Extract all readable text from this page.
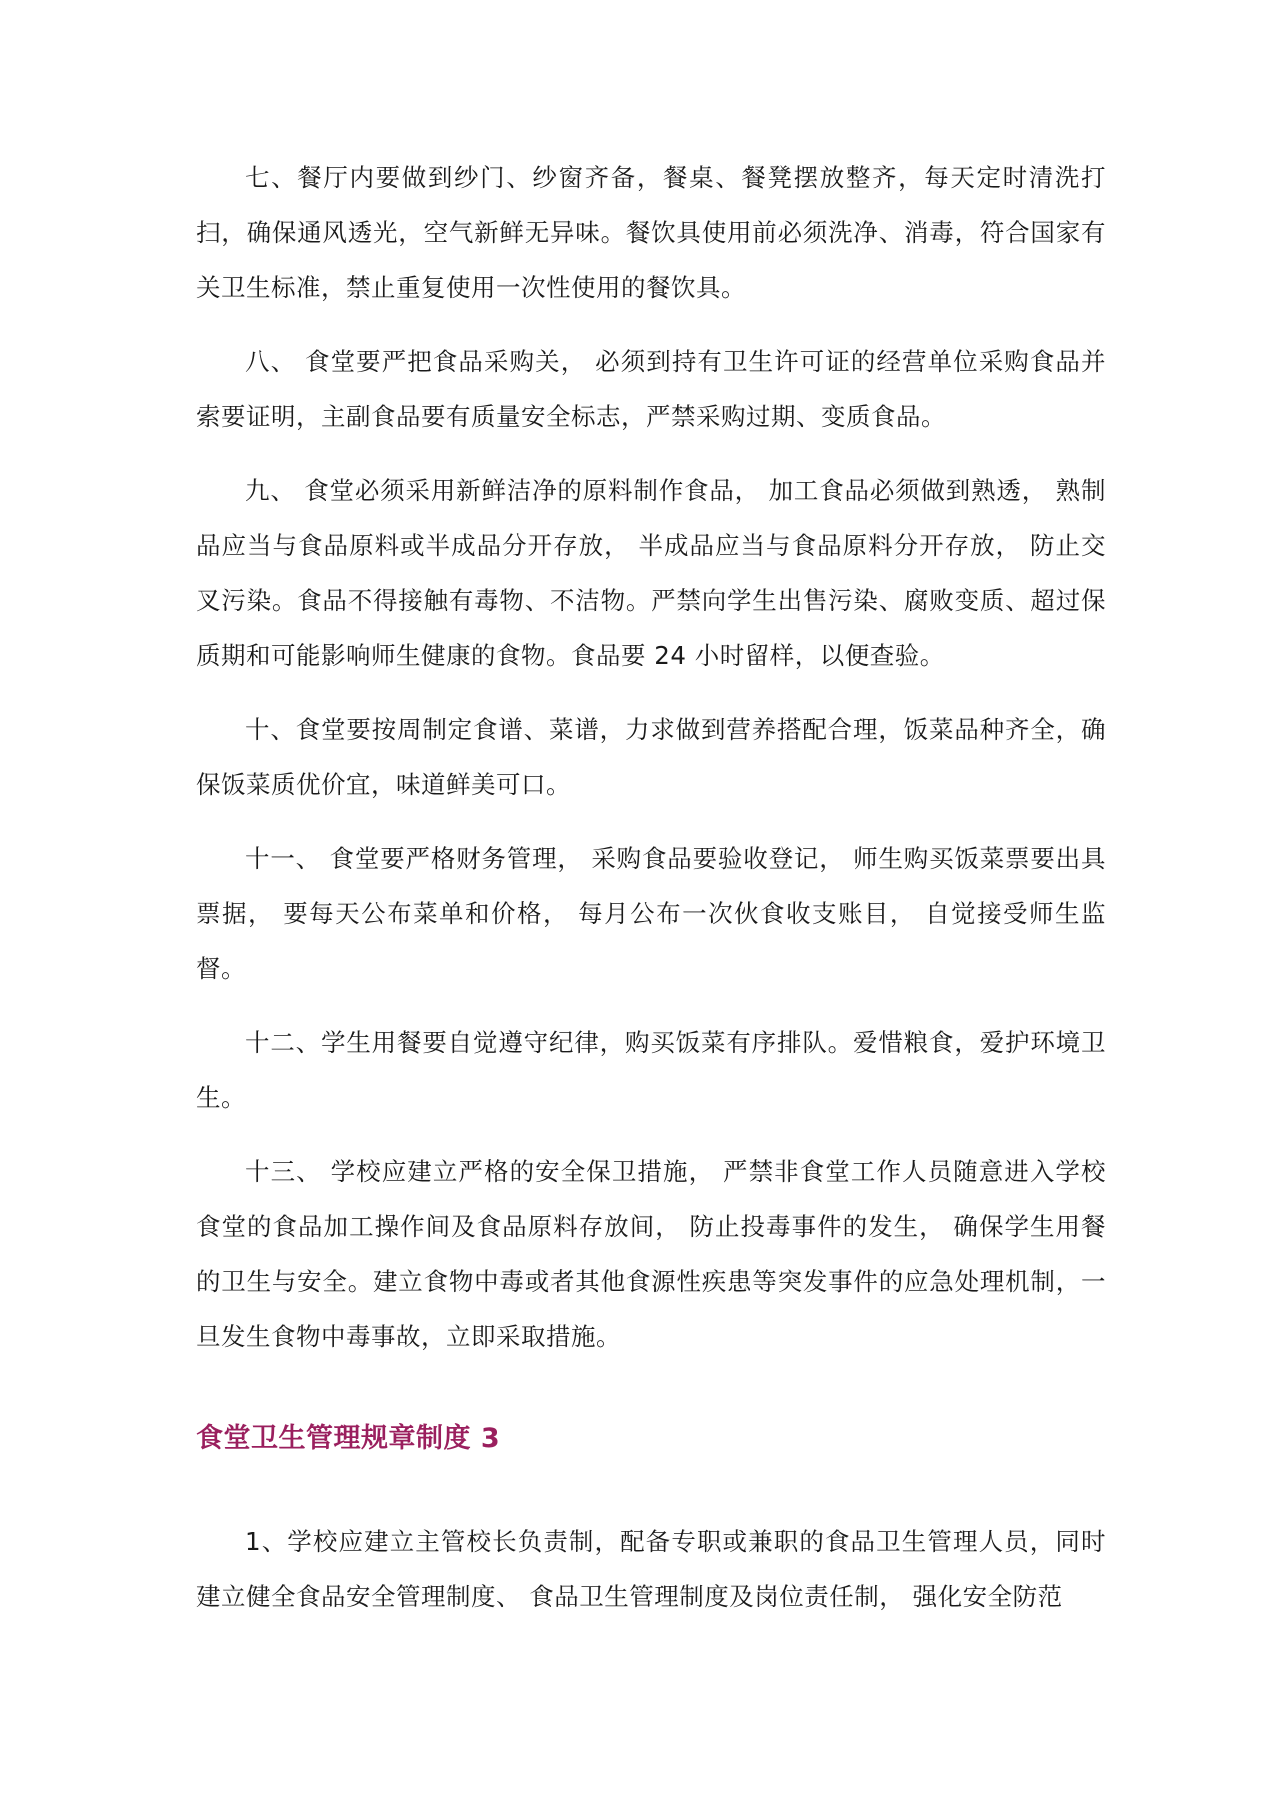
七、餐厅内要做到纱门、纱窗齐备，餐桌、餐凳摆放整齐，每天定时清洗打扫，确保通风透光，空气新鲜无异味。餐饮具使用前必须洗净、消毒，符合国家有关卫生标准，禁止重复使用一次性使用的餐饮具。

八、 食堂要严把食品采购关， 必须到持有卫生许可证的经营单位采购食品并索要证明，主副食品要有质量安全标志，严禁采购过期、变质食品。

九、 食堂必须采用新鲜洁净的原料制作食品， 加工食品必须做到熟透， 熟制品应当与食品原料或半成品分开存放， 半成品应当与食品原料分开存放， 防止交叉污染。食品不得接触有毒物、不洁物。严禁向学生出售污染、腐败变质、超过保质期和可能影响师生健康的食物。食品要 24 小时留样，以便查验。

十、食堂要按周制定食谱、菜谱，力求做到营养搭配合理，饭菜品种齐全，确保饭菜质优价宜，味道鲜美可口。

十一、 食堂要严格财务管理， 采购食品要验收登记， 师生购买饭菜票要出具票据， 要每天公布菜单和价格， 每月公布一次伙食收支账目， 自觉接受师生监督。

十二、学生用餐要自觉遵守纪律，购买饭菜有序排队。爱惜粮食，爱护环境卫生。

十三、 学校应建立严格的安全保卫措施， 严禁非食堂工作人员随意进入学校食堂的食品加工操作间及食品原料存放间， 防止投毒事件的发生， 确保学生用餐的卫生与安全。建立食物中毒或者其他食源性疾患等突发事件的应急处理机制，一旦发生食物中毒事故，立即采取措施。

食堂卫生管理规章制度 3

1、学校应建立主管校长负责制，配备专职或兼职的食品卫生管理人员，同时建立健全食品安全管理制度、 食品卫生管理制度及岗位责任制， 强化安全防范
